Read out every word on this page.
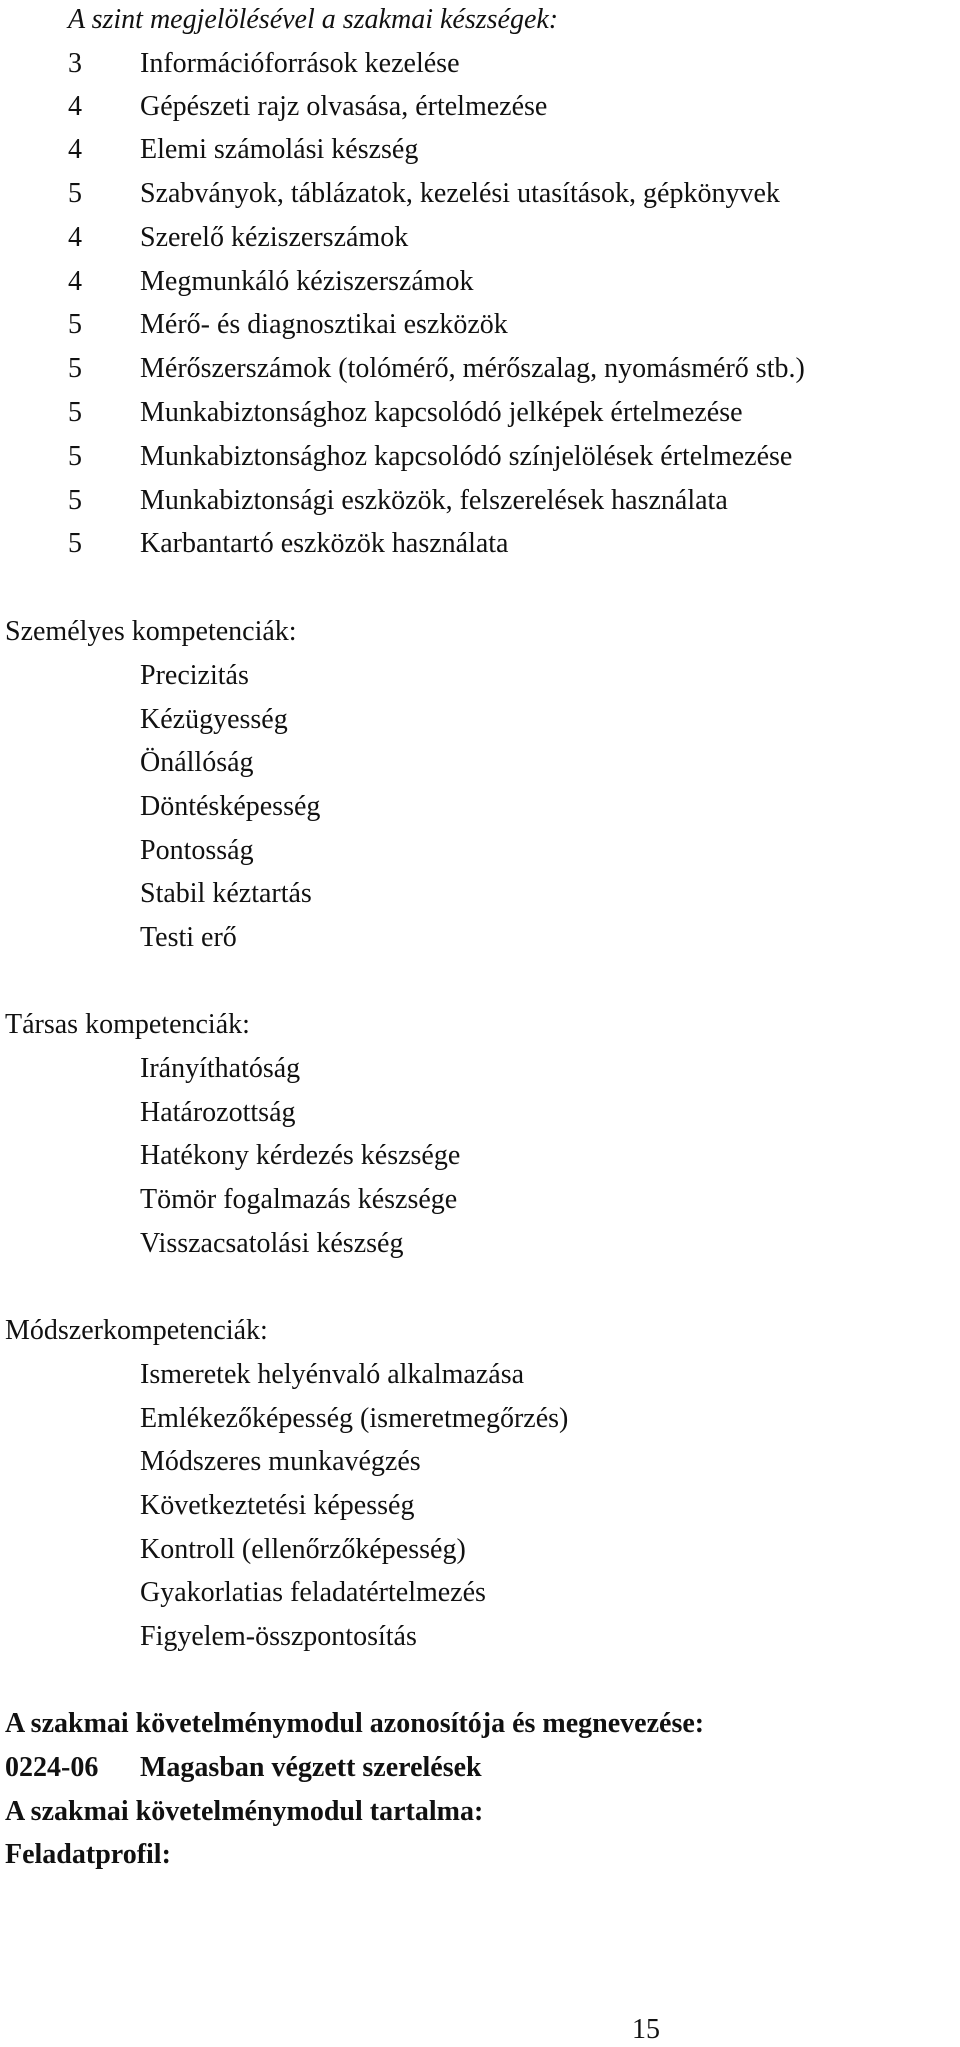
A szint megjelölésével a szakmai készségek:
3 Információforrások kezelése
4 Gépészeti rajz olvasása, értelmezése
4 Elemi számolási készség
5 Szabványok, táblázatok, kezelési utasítások, gépkönyvek
4 Szerelő kéziszerszámok
4 Megmunkáló kéziszerszámok
5 Mérő- és diagnosztikai eszközök
5 Mérőszerszámok (tolómérő, mérőszalag, nyomásmérő stb.)
5 Munkabiztonsághoz kapcsolódó jelképek értelmezése
5 Munkabiztonsághoz kapcsolódó színjelölések értelmezése
5 Munkabiztonsági eszközök, felszerelések használata
5 Karbantartó eszközök használata
Személyes kompetenciák:
Precizitás
Kézügyesség
Önállóság
Döntésképesség
Pontosság
Stabil kéztartás
Testi erő
Társas kompetenciák:
Irányíthatóság
Határozottság
Hatékony kérdezés készsége
Tömör fogalmazás készsége
Visszacsatolási készség
Módszerkompetenciák:
Ismeretek helyénvaló alkalmazása
Emlékezőképesség (ismeretmegőrzés)
Módszeres munkavégzés
Következtetési képesség
Kontroll (ellenőrzőképesség)
Gyakorlatias feladatértelmezés
Figyelem-összpontosítás
A szakmai követelménymodul azonosítója és megnevezése:
0224-06 Magasban végzett szerelések
A szakmai követelménymodul tartalma:
Feladatprofil:
15
